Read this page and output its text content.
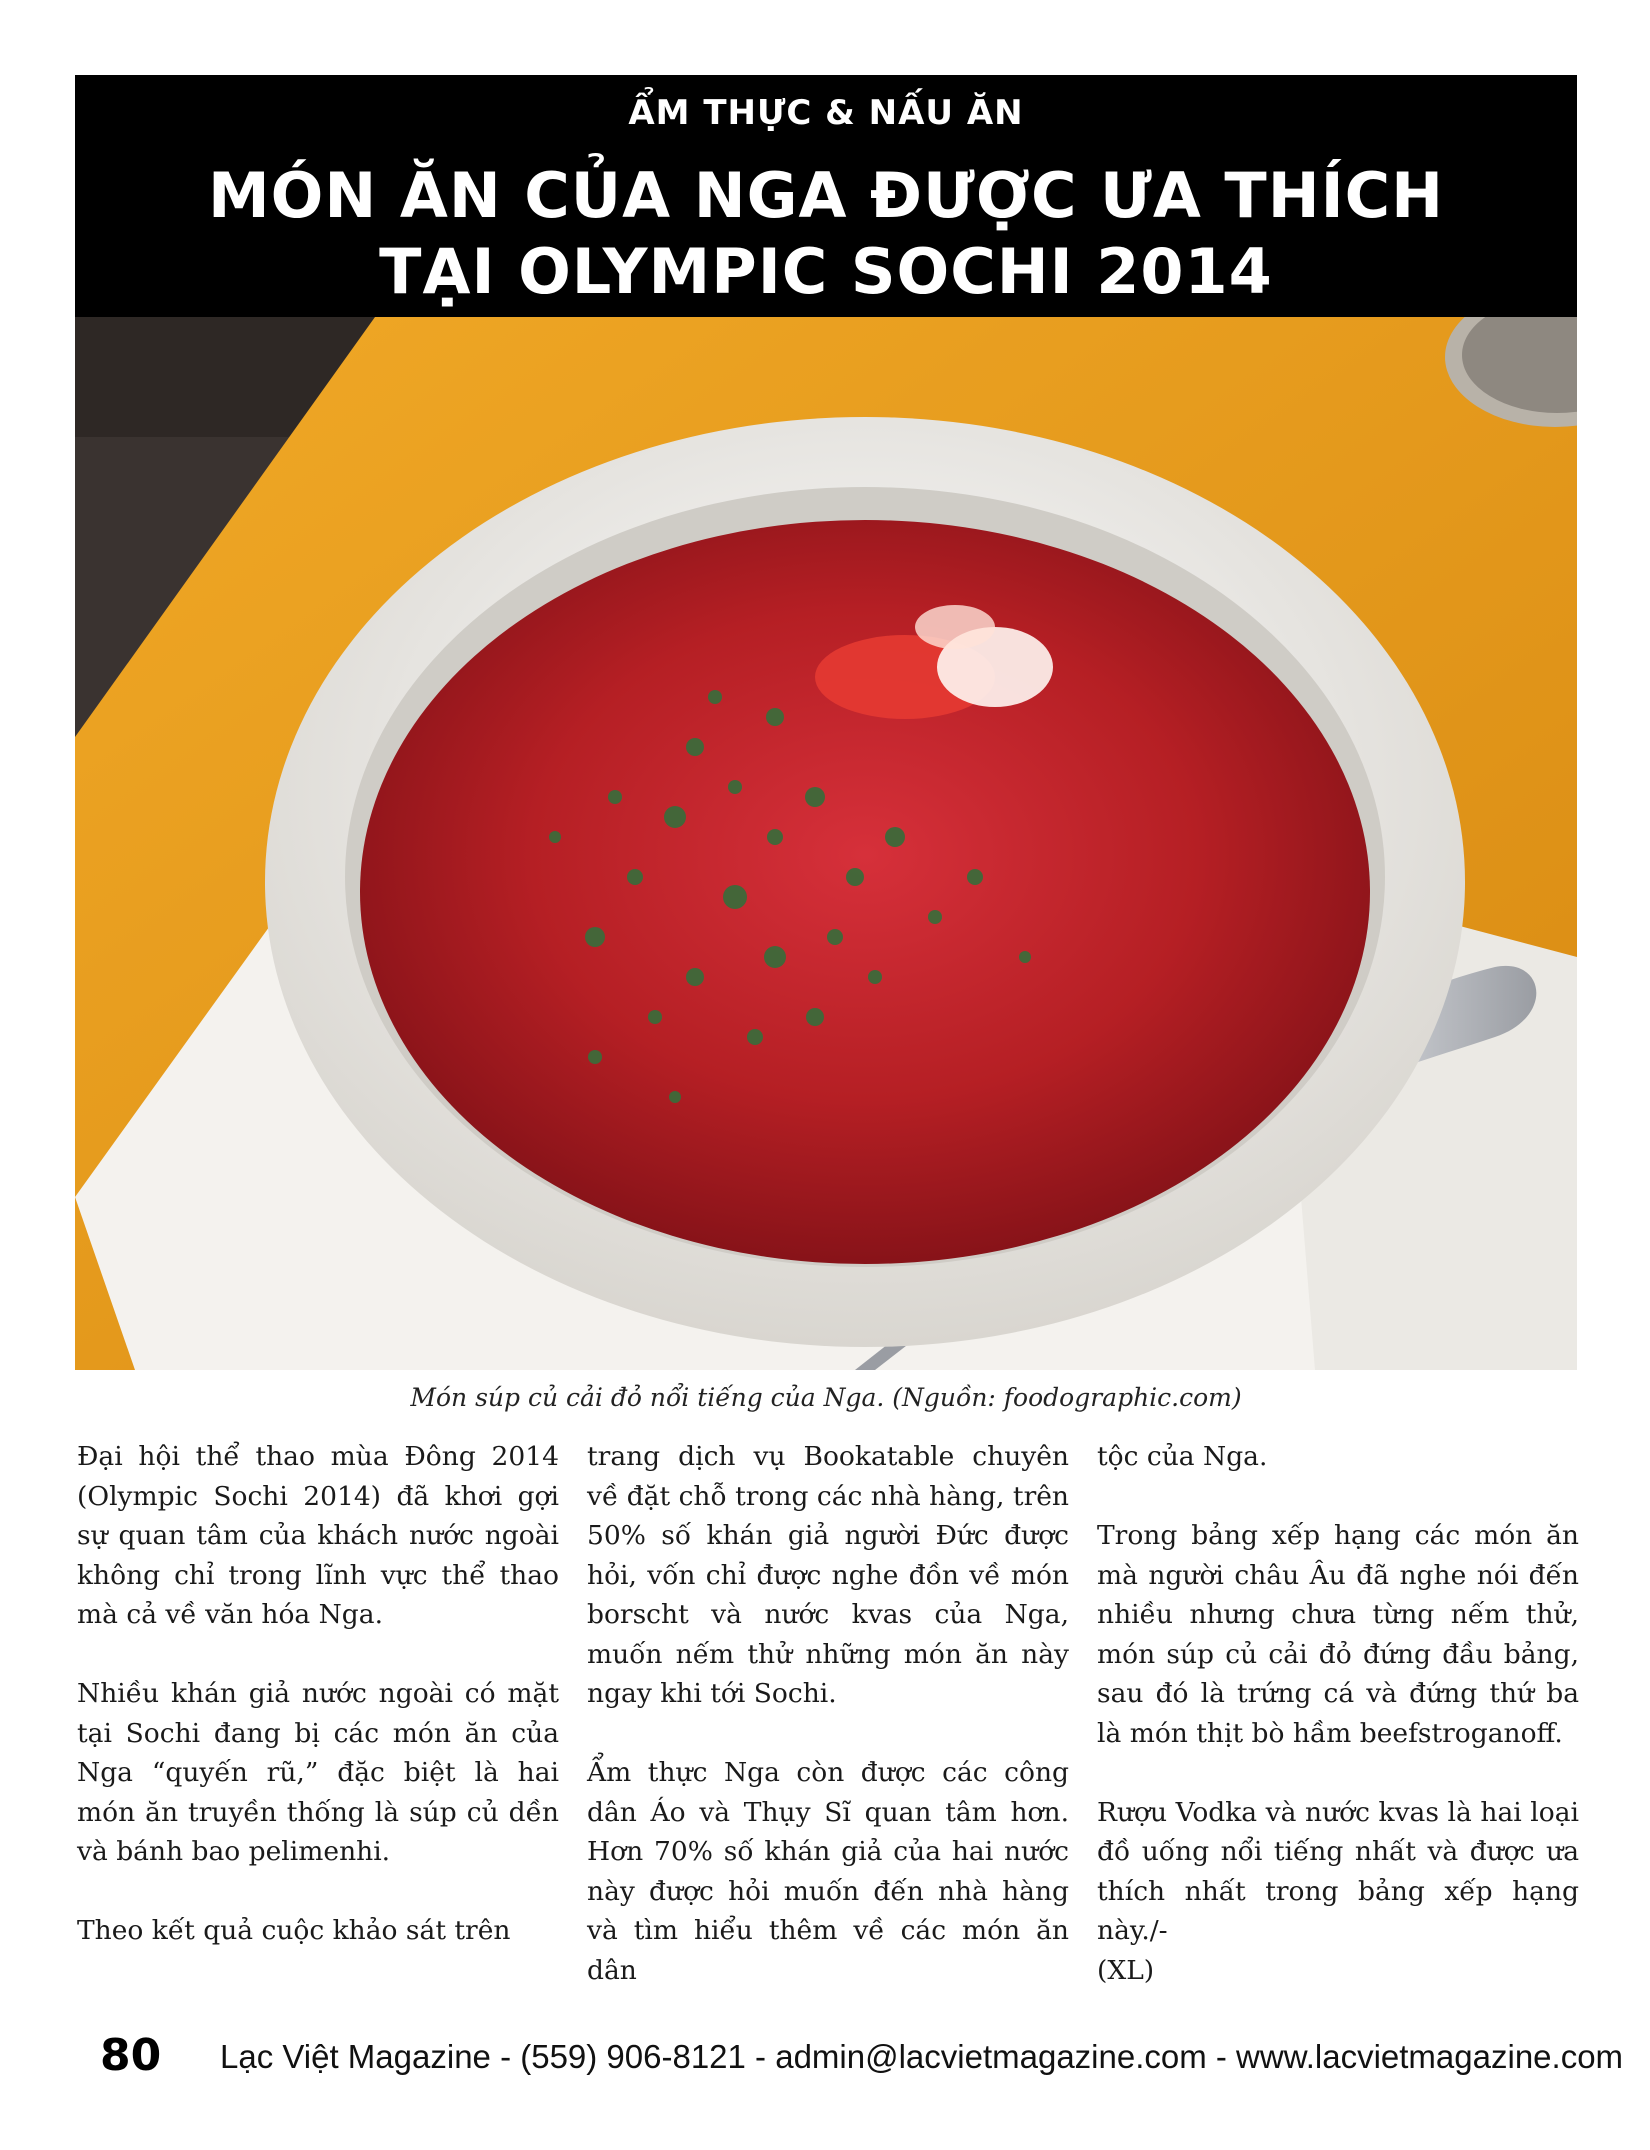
ẨM THỰC & NẤU ĂN
MÓN ĂN CỦA NGA ĐƯỢC ƯA THÍCH
TẠI OLYMPIC SOCHI 2014
Món súp củ cải đỏ nổi tiếng của Nga. (Nguồn: foodographic.com)

Đại hội thể thao mùa Đông 2014 (Olympic Sochi 2014) đã khơi gợi sự quan tâm của khách nước ngoài không chỉ trong lĩnh vực thể thao mà cả về văn hóa Nga.

Nhiều khán giả nước ngoài có mặt tại Sochi đang bị các món ăn của Nga “quyến rũ,” đặc biệt là hai món ăn truyền thống là súp củ dền và bánh bao pelimenhi.

Theo kết quả cuộc khảo sát trên

trang dịch vụ Bookatable chuyên về đặt chỗ trong các nhà hàng, trên 50% số khán giả người Đức được hỏi, vốn chỉ được nghe đồn về món borscht và nước kvas của Nga, muốn nếm thử những món ăn này ngay khi tới Sochi.

Ẩm thực Nga còn được các công dân Áo và Thụy Sĩ quan tâm hơn. Hơn 70% số khán giả của hai nước này được hỏi muốn đến nhà hàng và tìm hiểu thêm về các món ăn dân

tộc của Nga.

Trong bảng xếp hạng các món ăn mà người châu Âu đã nghe nói đến nhiều nhưng chưa từng nếm thử, món súp củ cải đỏ đứng đầu bảng, sau đó là trứng cá và đứng thứ ba là món thịt bò hầm beefstroganoff.

Rượu Vodka và nước kvas là hai loại đồ uống nổi tiếng nhất và được ưa thích nhất trong bảng xếp hạng này./-

(XL)
80 Lạc Việt Magazine - (559) 906-8121 - admin@lacvietmagazine.com - www.lacvietmagazine.com
